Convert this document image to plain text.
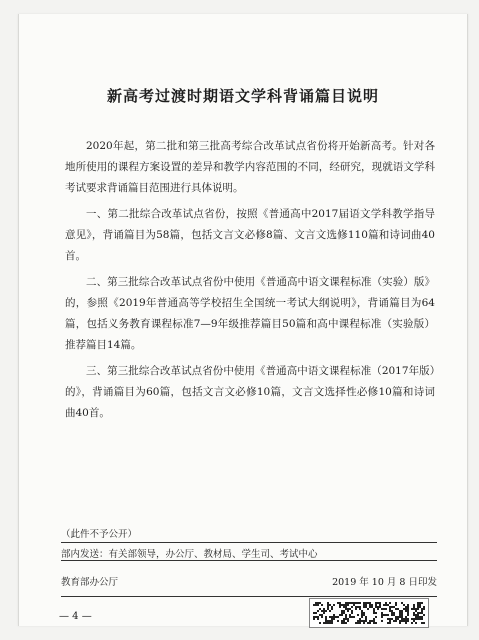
新高考过渡时期语文学科背诵篇目说明

2020年起，第二批和第三批高考综合改革试点省份将开始新高考。针对各地所使用的课程方案设置的差异和教学内容范围的不同，经研究，现就语文学科考试要求背诵篇目范围进行具体说明。

一、第二批综合改革试点省份，按照《普通高中2017届语文学科教学指导意见》，背诵篇目为58篇，包括文言文必修8篇、文言文选修110篇和诗词曲40首。

二、第三批综合改革试点省份中使用《普通高中语文课程标准（实验）版》的，参照《2019年普通高等学校招生全国统一考试大纲说明》，背诵篇目为64篇，包括义务教育课程标准7—9年级推荐篇目50篇和高中课程标准（实验版）推荐篇目14篇。

三、第三批综合改革试点省份中使用《普通高中语文课程标准（2017年版）的》，背诵篇目为60篇，包括文言文必修10篇，文言文选择性必修10篇和诗词曲40首。

（此件不予公开）
部内发送：有关部领导，办公厅、教材局、学生司、考试中心
教育部办公厅	2019 年 10 月 8 日印发
— 4 —
